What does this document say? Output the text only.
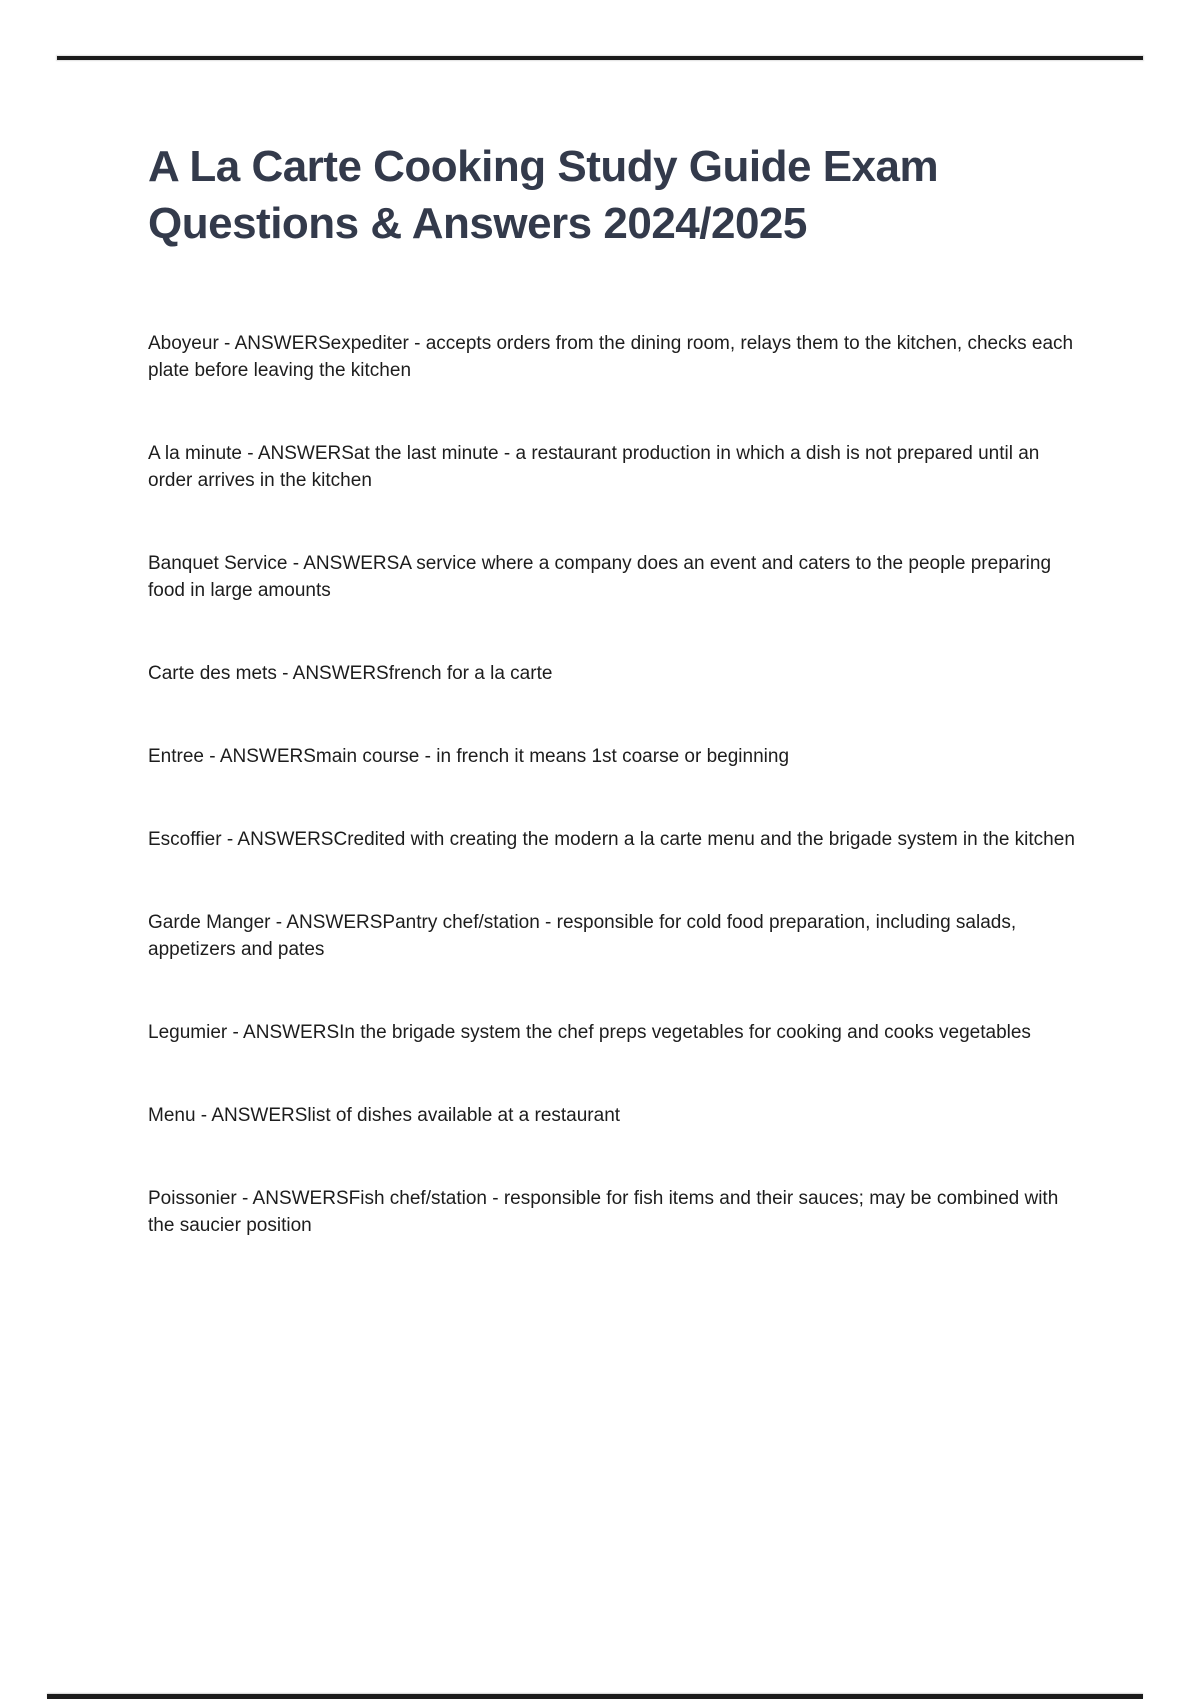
A La Carte Cooking Study Guide Exam Questions & Answers 2024/2025

Aboyeur - ANSWERSexpediter - accepts orders from the dining room, relays them to the kitchen, checks each plate before leaving the kitchen

A la minute - ANSWERSat the last minute - a restaurant production in which a dish is not prepared until an order arrives in the kitchen

Banquet Service - ANSWERSA service where a company does an event and caters to the people preparing food in large amounts

Carte des mets - ANSWERSfrench for a la carte

Entree - ANSWERSmain course - in french it means 1st coarse or beginning

Escoffier - ANSWERSCredited with creating the modern a la carte menu and the brigade system in the kitchen

Garde Manger - ANSWERSPantry chef/station - responsible for cold food preparation, including salads, appetizers and pates

Legumier - ANSWERSIn the brigade system the chef preps vegetables for cooking and cooks vegetables

Menu - ANSWERSlist of dishes available at a restaurant

Poissonier - ANSWERSFish chef/station - responsible for fish items and their sauces; may be combined with the saucier position
